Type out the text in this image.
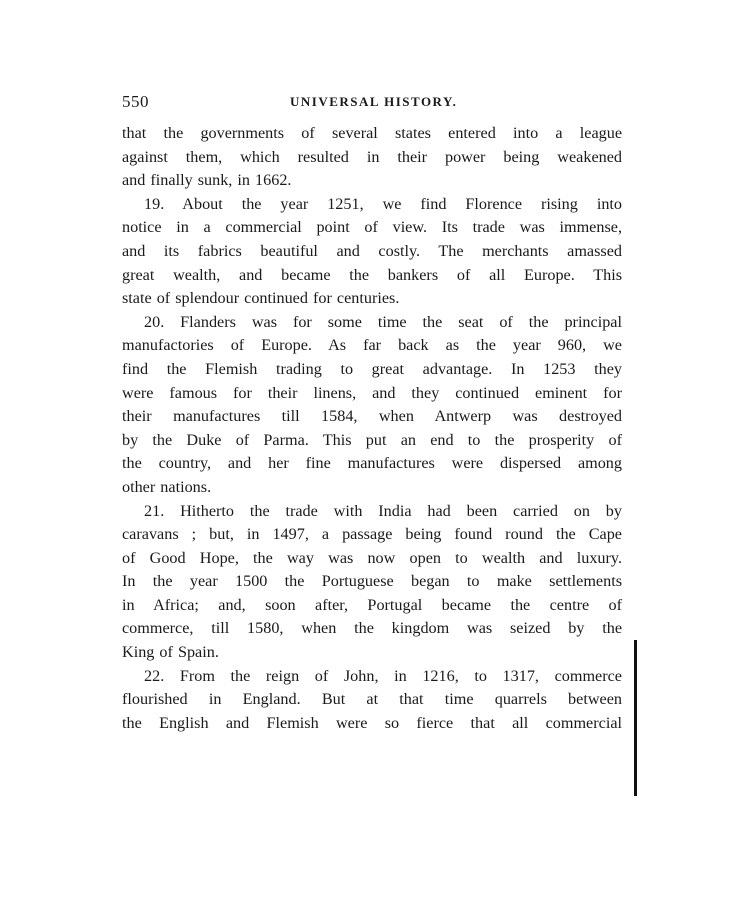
550	UNIVERSAL HISTORY.
that the governments of several states entered into a league
against them, which resulted in their power being weakened
and finally sunk, in 1662.
19. About the year 1251, we find Florence rising into
notice in a commercial point of view. Its trade was immense,
and its fabrics beautiful and costly. The merchants amassed
great wealth, and became the bankers of all Europe. This
state of splendour continued for centuries.
20. Flanders was for some time the seat of the principal
manufactories of Europe. As far back as the year 960, we
find the Flemish trading to great advantage. In 1253 they
were famous for their linens, and they continued eminent for
their manufactures till 1584, when Antwerp was destroyed
by the Duke of Parma. This put an end to the prosperity of
the country, and her fine manufactures were dispersed among
other nations.
21. Hitherto the trade with India had been carried on by
caravans ; but, in 1497, a passage being found round the Cape
of Good Hope, the way was now open to wealth and luxury.
In the year 1500 the Portuguese began to make settlements
in Africa; and, soon after, Portugal became the centre of
commerce, till 1580, when the kingdom was seized by the
King of Spain.
22. From the reign of John, in 1216, to 1317, commerce
flourished in England. But at that time quarrels between
the English and Flemish were so fierce that all commercial
